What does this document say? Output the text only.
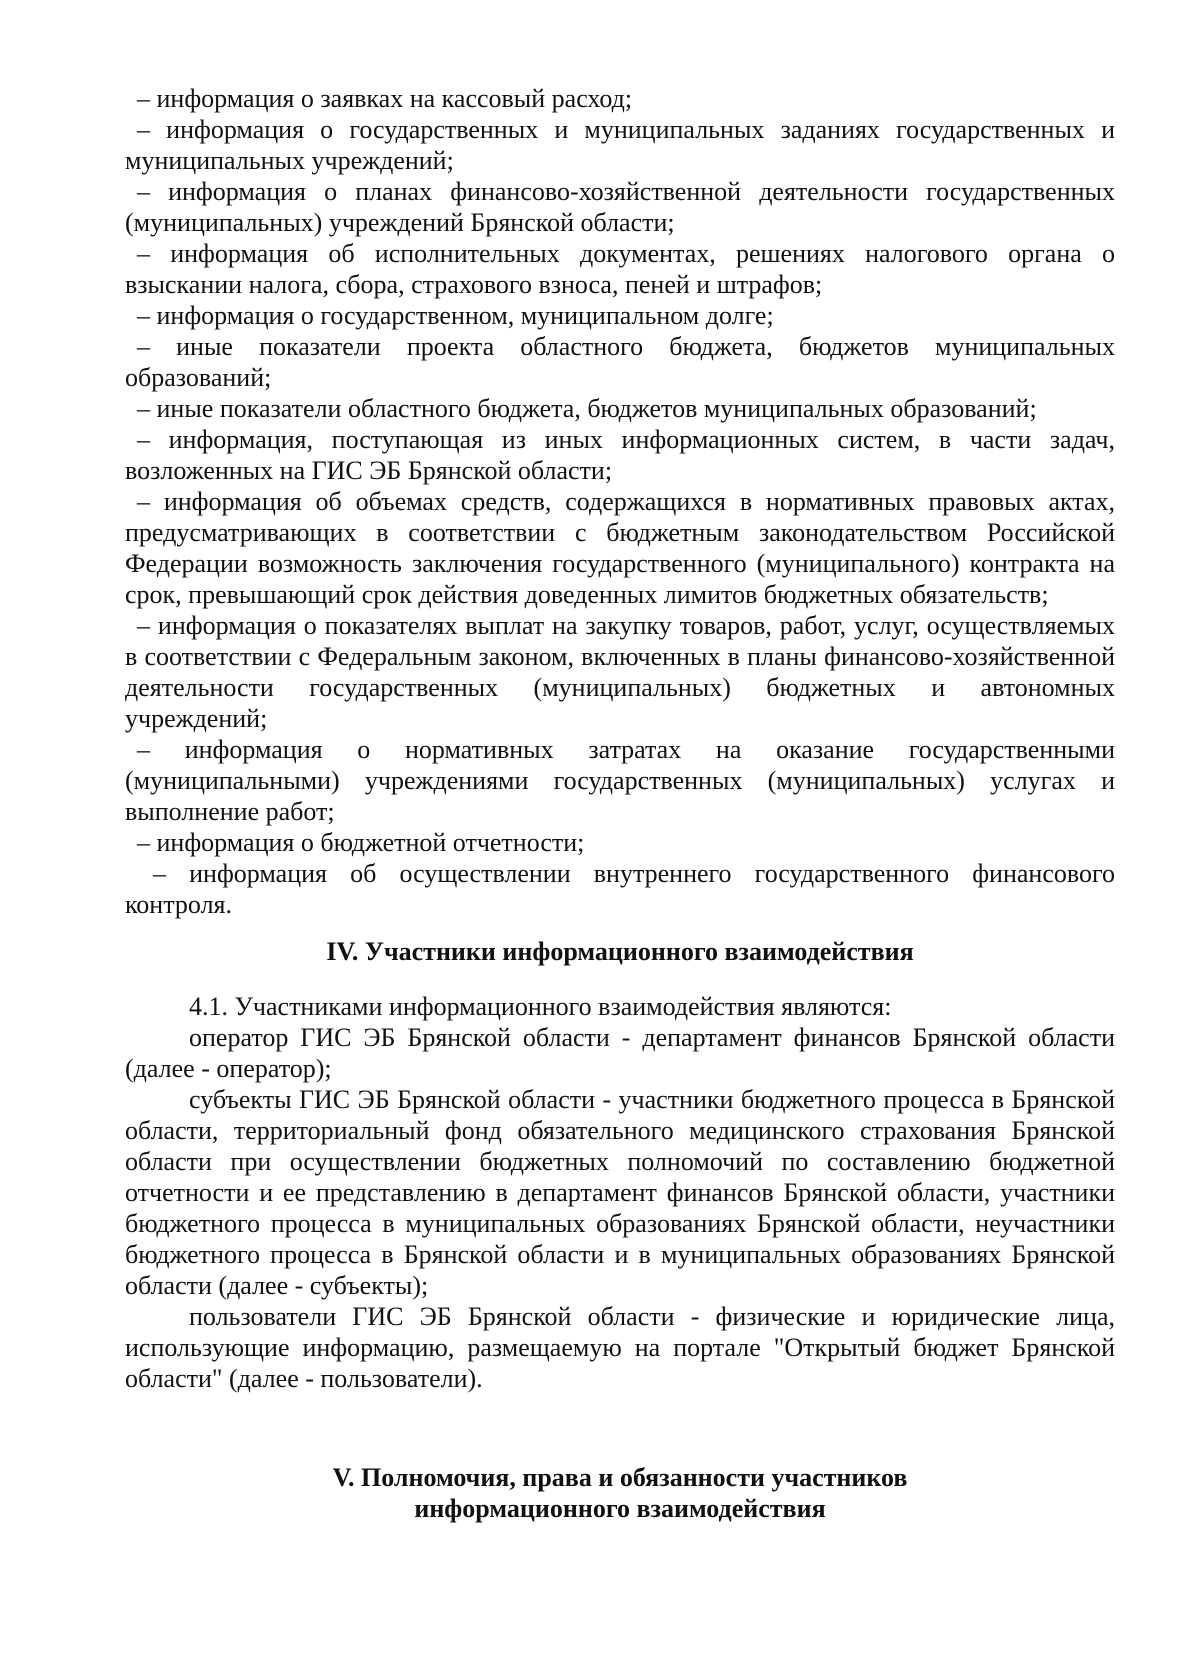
– информация о заявках на кассовый расход;

– информация о государственных и муниципальных заданиях государственных и муниципальных учреждений;

– информация о планах финансово-хозяйственной деятельности государственных (муниципальных) учреждений Брянской области;

– информация об исполнительных документах, решениях налогового органа о взыскании налога, сбора, страхового взноса, пеней и штрафов;

– информация о государственном, муниципальном долге;

– иные показатели проекта областного бюджета, бюджетов муниципальных образований;

– иные показатели областного бюджета, бюджетов муниципальных образований;

– информация, поступающая из иных информационных систем, в части задач, возложенных на ГИС ЭБ Брянской области;

– информация об объемах средств, содержащихся в нормативных правовых актах, предусматривающих в соответствии с бюджетным законодательством Российской Федерации возможность заключения государственного (муниципального) контракта на срок, превышающий срок действия доведенных лимитов бюджетных обязательств;

– информация о показателях выплат на закупку товаров, работ, услуг, осуществляемых в соответствии с Федеральным законом, включенных в планы финансово-хозяйственной деятельности государственных (муниципальных) бюджетных и автономных учреждений;

– информация о нормативных затратах на оказание государственными (муниципальными) учреждениями государственных (муниципальных) услугах и выполнение работ;

– информация о бюджетной отчетности;

– информация об осуществлении внутреннего государственного финансового контроля.

IV. Участники информационного взаимодействия

4.1. Участниками информационного взаимодействия являются:

оператор ГИС ЭБ Брянской области - департамент финансов Брянской области (далее - оператор);

субъекты ГИС ЭБ Брянской области - участники бюджетного процесса в Брянской области, территориальный фонд обязательного медицинского страхования Брянской области при осуществлении бюджетных полномочий по составлению бюджетной отчетности и ее представлению в департамент финансов Брянской области, участники бюджетного процесса в муниципальных образованиях Брянской области, неучастники бюджетного процесса в Брянской области и в муниципальных образованиях Брянской области (далее - субъекты);

пользователи ГИС ЭБ Брянской области - физические и юридические лица, использующие информацию, размещаемую на портале "Открытый бюджет Брянской области" (далее - пользователи).

V. Полномочия, права и обязанности участников
информационного взаимодействия
